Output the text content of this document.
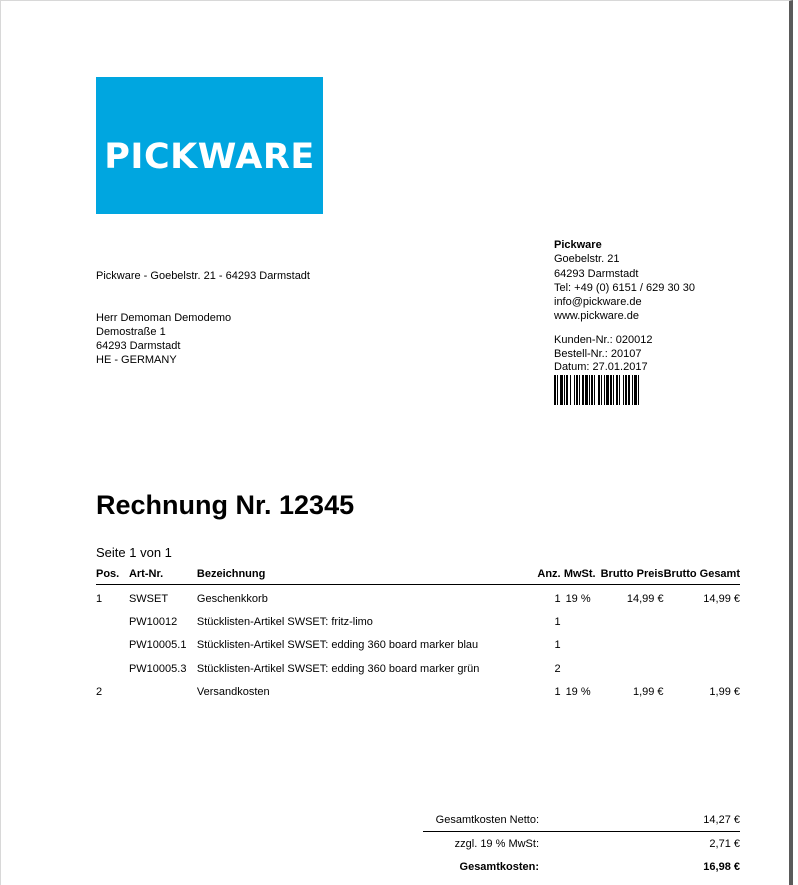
PICKWARE
Pickware - Goebelstr. 21 - 64293 Darmstadt
Herr Demoman Demodemo
Demostraße 1
64293 Darmstadt
HE - GERMANY
Pickware
Goebelstr. 21
64293 Darmstadt
Tel: +49 (0) 6151 / 629 30 30
info@pickware.de
www.pickware.de
Kunden-Nr.: 020012
Bestell-Nr.: 20107
Datum: 27.01.2017
Rechnung Nr. 12345
Seite 1 von 1
Pos.	Art-Nr.	Bezeichnung	Anz.	MwSt.	Brutto Preis	Brutto Gesamt
1	SWSET	Geschenkkorb	1	19 %	14,99 €	14,99 €
	PW10012	Stücklisten-Artikel SWSET: fritz-limo	1			
	PW10005.1	Stücklisten-Artikel SWSET: edding 360 board marker blau	1			
	PW10005.3	Stücklisten-Artikel SWSET: edding 360 board marker grün	2			
2		Versandkosten	1	19 %	1,99 €	1,99 €
Gesamtkosten Netto:	14,27 €
zzgl. 19 % MwSt:	2,71 €
Gesamtkosten:	16,98 €
